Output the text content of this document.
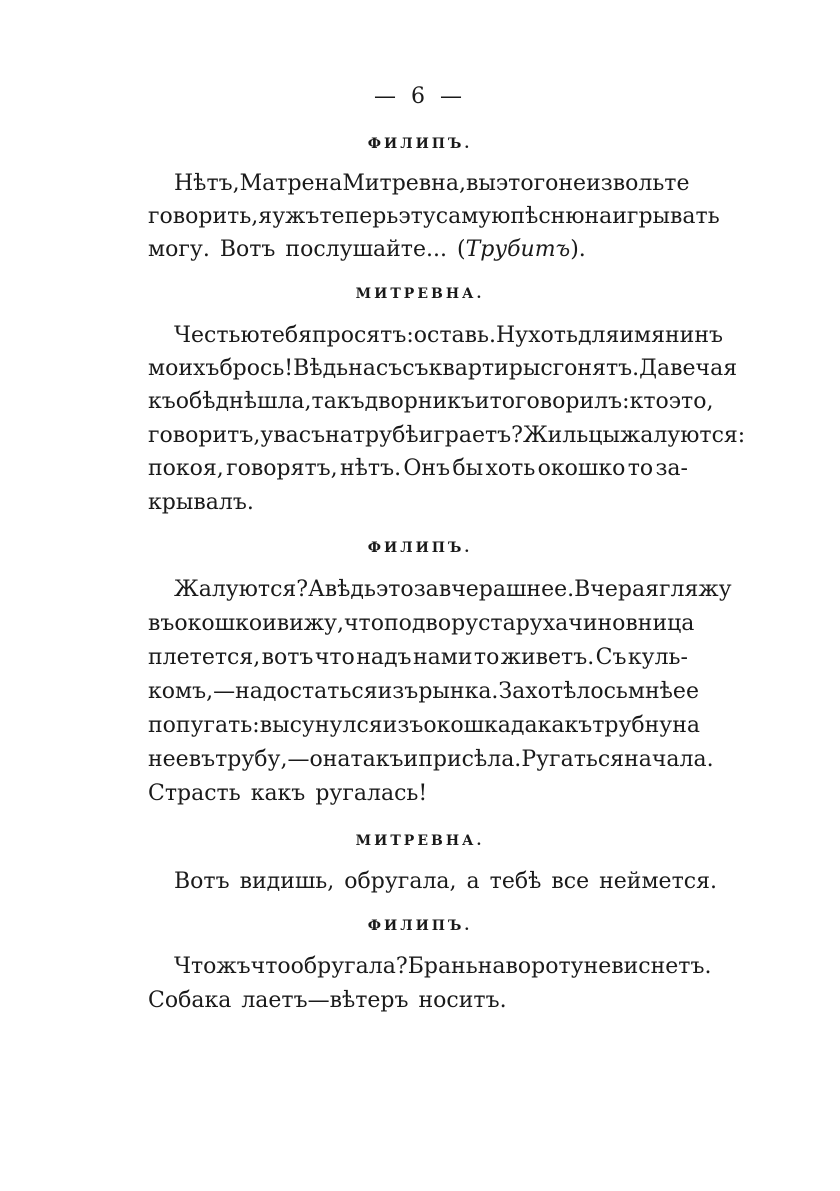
— 6 —
ФИЛИПЪ.
Нѣтъ, Матрена Митревна, вы этого не извольте
говорить, я ужъ теперь эту самую пѣсню наигрывать
могу. Вотъ послушайте... (Трубитъ).
МИТРЕВНА.
Честью тебя просятъ: оставь. Ну хоть для имянинъ
моихъ брось! Вѣдь насъ съ квартиры сгонятъ. Давеча я
къ обѣднѣ шла, такъ дворникъ и то говорилъ: кто это,
говоритъ, у васъ на трубѣ играетъ? Жильцы жалуются:
покоя, говорятъ, нѣтъ. Онъ бы хоть окошко то за-
крывалъ.
ФИЛИПЪ.
Жалуются? А вѣдь это за вчерашнее. Вчера я гляжу
въ окошко и вижу, что по двору старуха чиновница
плетется, вотъ что надъ нами то живетъ. Съ куль-
комъ,—надо статься изъ рынка. Захотѣлось мнѣ ее
попугать: высунулся изъ окошка да какъ трубну на
нее въ трубу,—она такъ и присѣла. Ругаться начала.
Страсть какъ ругалась!
МИТРЕВНА.
Вотъ видишь, обругала, а тебѣ все неймется.
ФИЛИПЪ.
Что жъ что обругала? Брань на вороту не виснетъ.
Собака лаетъ—вѣтеръ носитъ.
